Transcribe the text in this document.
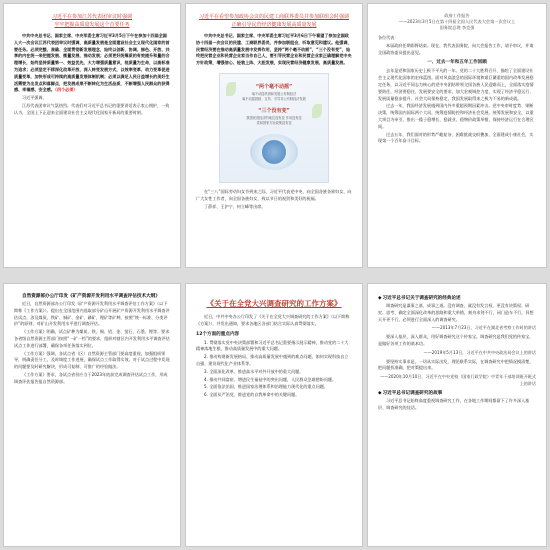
习近平在参加江苏代表团审议时强调
牢牢把握高质量发展这个首要任务

中共中央总书记、国家主席、中央军委主席习近平3月5日下午在参加十四届全国人大一次会议江苏代表团审议时强调，高质量发展是全面建设社会主义现代化国家的首要任务。必须完整、准确、全面贯彻新发展理念，始终以创新、协调、绿色、开放、共享的内在统一来把握发展、衡量发展、推动发展；必须更好统筹质的有效提升和量的合理增长，始终坚持质量第一、效益优先，大力增强质量意识，视质量为生命，以高标准为追求；必须坚定不移深化改革开放、深入转变发展方式，以效率变革、动力变革促进质量变革，加快形成可持续的高质量发展体制机制；必须以满足人民日益增长的美好生活需要为出发点和落脚点，把发展成果不断转化为生活品质，不断增强人民群众的获得感、幸福感、安全感。（四个必须）

习近平强调，

江苏代表团审议气氛热烈。代表们对习近平总书记的重要讲话表示衷心拥护，一致认为，全国上下正迎来全面建设社会主义现代化国家开新局的重要时刻。

习近平在看望参加政协会议的民建工商联界委员并参加联组会时强调
正确引导民营经济健康发展高质量发展

中共中央总书记、国家主席、中央军委主席习近平3月6日下午看望了参加全国政协十四届一次会议的民建、工商联界委员，并参加联组会，听取意见和建议。他强调，民营经济要在推动高质量发展中发挥作用，坚持“两个毫不动摇”，“三个没有变”，始终把民营企业和民营企业家当作自己人，要引导民营企业和民营企业家正确理解党中央方针政策，增强信心、轻装上阵、大胆发展，实现民营经济健康发展、高质量发展。

“两个毫不动摇”
毫不动摇巩固和发展公有制经济
毫不动摇鼓励、支持、引导非公有制经济发展
“三个没有变”
我国民营经济的地位没有变 作用没有变
党和国家方针政策没有变

在“三八”国际劳动妇女节到来之际，习近平代表党中央，向全国各族各界妇女，向广大女性工作者，向全国各族妇女，致以节日的祝贺和美好的祝福。

丁薛祥、王沪宁、何立峰等出席。

政府工作报告
——2023年3月5日在第十四届全国人民代表大会第一次会议上
国务院总理 李克强

各位代表：

本届政府任期即将结束。现在，我代表国务院，向大会报告工作，请予审议，并请全国政协委员提出意见。

一、过去一年和五年工作回顾

去年是党和国家历史上极不平凡的一年。党的二十大胜利召开，描绘了全面建设社会主义现代化国家的宏伟蓝图。面对风高浪急的国际环境和艰巨繁重的国内改革发展稳定任务，以习近平同志为核心的党中央团结带领全国各族人民迎难而上，全面落实疫情要防住、经济要稳住、发展要安全的要求，加大宏观调控力度，实现了经济平稳运行、发展质量稳步提升、社会大局保持稳定，我国发展取得来之极为不易的新成就。

过去一年，我国经济发展遇到国内外多重超预期因素冲击。党中央审时度势、果断决策，统筹国内国际两个大局，统筹疫情防控和经济社会发展，统筹发展和安全，以重大项目为牵引，推出一揽子稳增长、稳就业、稳物价政策举措，保持经济运行在合理区间。

过去五年，我们面对的形势严峻复杂、困难挑战交织叠加，全面建成小康社会，实现第一个百年奋斗目标。

自然资源部办公厅印发《矿产资源开发利用水平调查评估技术大纲》

近日，自然资源部办公厅印发《矿产资源开发利用水平调查评估工作方案》（以下简称《工作方案》）。提出在全国范围内选取部分矿山开展矿产资源开发利用水平调查评估试点，涉及煤炭、铁矿、铜矿、金矿、磷矿、锂矿等矿种，按照“统一标准、分类评价”的原则，对矿山开发利用水平进行调查评估。

《工作方案》明确，试点矿种为煤炭、铁、铜、铝、金、萤石、石墨、锂等。要求各省级自然资源主管部门按照“一矿一档”的要求，组织对辖区内开发利用水平调查评估试点工作进行部署，确保各项任务落实到位。

《工作方案》强调，各试点省（区）自然资源主管部门要高度重视，加强组织领导，明确责任分工，及时调度工作进展，确保试点工作取得实效。对于试点过程中发现的问题要及时研究解决，形成可复制、可推广的经验做法。

《工作方案》要求，各试点省份应当于2023年底前完成调查评估试点工作，形成调查评估报告报自然资源部。

《关于在全党大兴调查研究的工作方案》

近日，中共中央办公厅印发了《关于在全党大兴调查研究的工作方案》（以下简称《方案》），并发出通知，要求各地区各部门结合实际认真贯彻落实。

12个方面的重点内容

1. 贯彻落实党中央决策部署和习近平总书记重要指示批示精神，推动党的二十大精神落地生根，推动高质量发展中的重大问题。

2. 推动构建新发展格局、推动高质量发展中遇到的难点问题，如何实现科技自立自强、建设现代化产业体系等。

3. 全面深化改革、推进高水平对外开放中的重大问题。

4. 推动共同富裕、增进民生福祉中的突出问题，人民群众急难愁盼问题。

5. 全面依法治国、推进国家治理体系和治理能力现代化的重点问题。

6. 全面从严治党、推进党的自我革命中的关键问题。

◆ 习近平总书记关于调查研究的经典论述

调查研究是谋事之基、成事之道。没有调查，就没有发言权，更没有决策权。研究、思考、确定全面深化改革的思路和重大举措，刻舟求剑不行，闭门造车不行，异想天开更不行，必须进行全面深入的调查研究。

——2013年7月23日，习近平在湖北省考察工作时的讲话

要深入基层，深入群众，用好调查研究这个传家宝。调查研究是我们党的传家宝，是做好各项工作的基本功。

——2019年5月13日，习近平在中共中央政治局会议上的讲话

要坚持实事求是，一切从实际出发，理论联系实际，在调查研究中把情况摸清楚，把问题找准确，把对策提出来。

——2020年10月10日，习近平在中央党校（国家行政学院）中青年干部培训班开班式上的讲话

◆ 习近平总书记调查研究的故事

习近平总书记始终高度重视调查研究工作，在各地工作期间都留下了许多深入基层、调查研究的佳话。
